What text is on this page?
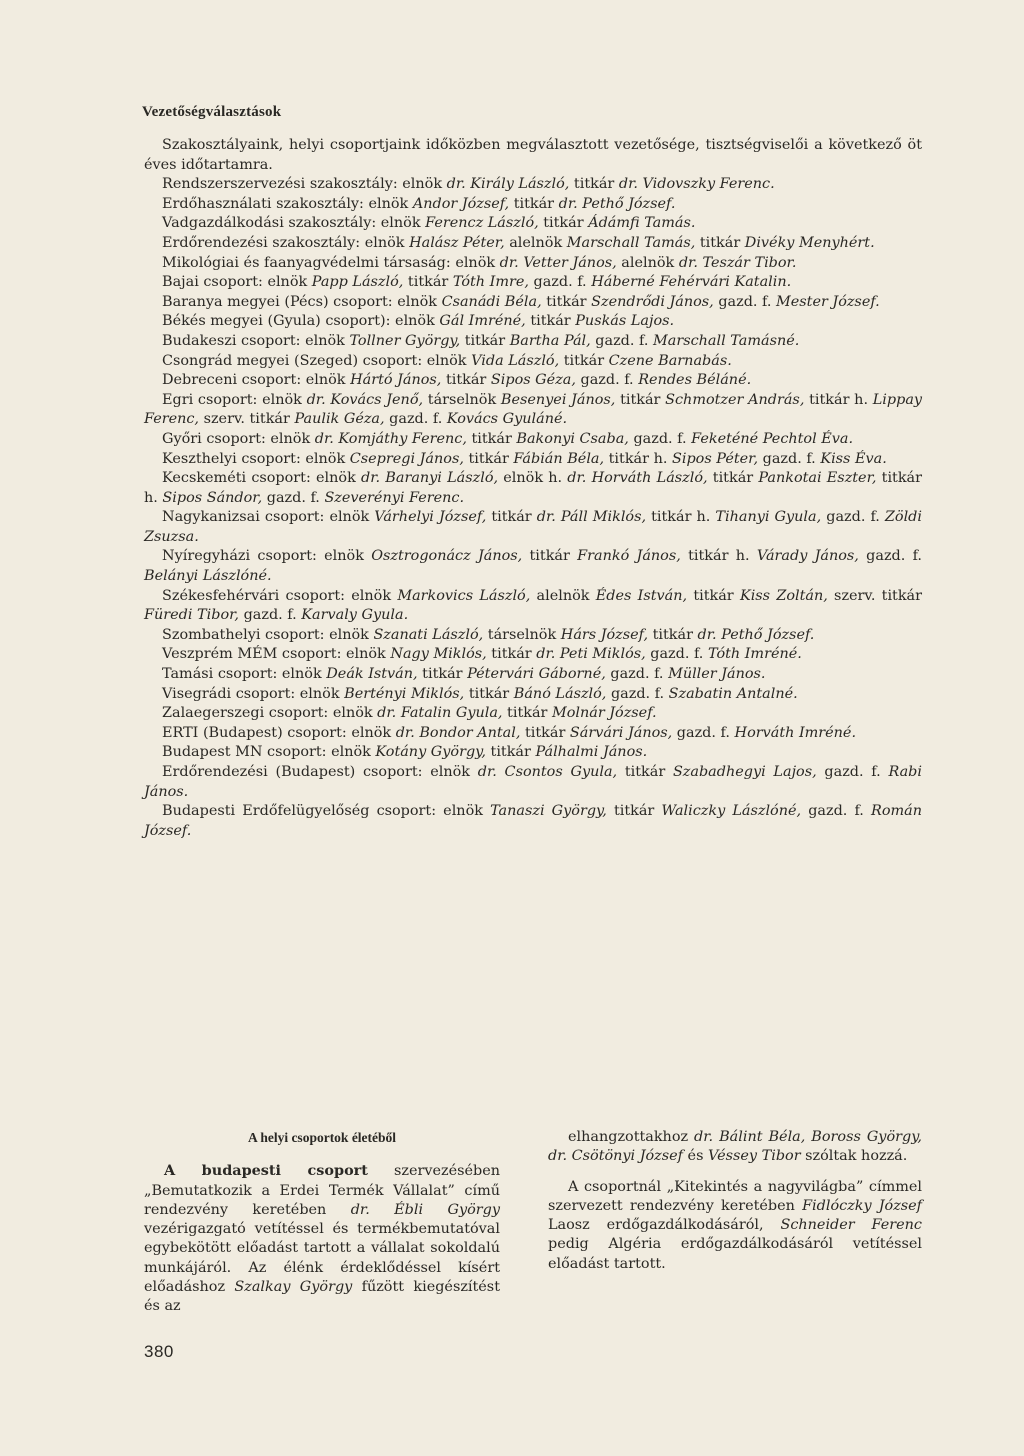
Vezetőségválasztások

Szakosztályaink, helyi csoportjaink időközben megválasztott vezetősége, tisztségviselői a következő öt éves időtartamra.

Rendszerszervezési szakosztály: elnök dr. Király László, titkár dr. Vidovszky Ferenc.

Erdőhasználati szakosztály: elnök Andor József, titkár dr. Pethő József.

Vadgazdálkodási szakosztály: elnök Ferencz László, titkár Ádámfi Tamás.

Erdőrendezési szakosztály: elnök Halász Péter, alelnök Marschall Tamás, titkár Divéky Menyhért.

Mikológiai és faanyagvédelmi társaság: elnök dr. Vetter János, alelnök dr. Teszár Tibor.

Bajai csoport: elnök Papp László, titkár Tóth Imre, gazd. f. Háberné Fehérvári Katalin.

Baranya megyei (Pécs) csoport: elnök Csanádi Béla, titkár Szendrődi János, gazd. f. Mester József.

Békés megyei (Gyula) csoport): elnök Gál Imréné, titkár Puskás Lajos.

Budakeszi csoport: elnök Tollner György, titkár Bartha Pál, gazd. f. Marschall Tamásné.

Csongrád megyei (Szeged) csoport: elnök Vida László, titkár Czene Barnabás.

Debreceni csoport: elnök Hártó János, titkár Sipos Géza, gazd. f. Rendes Béláné.

Egri csoport: elnök dr. Kovács Jenő, társelnök Besenyei János, titkár Schmotzer András, titkár h. Lippay Ferenc, szerv. titkár Paulik Géza, gazd. f. Kovács Gyuláné.

Győri csoport: elnök dr. Komjáthy Ferenc, titkár Bakonyi Csaba, gazd. f. Feketéné Pechtol Éva.

Keszthelyi csoport: elnök Csepregi János, titkár Fábián Béla, titkár h. Sipos Péter, gazd. f. Kiss Éva.

Kecskeméti csoport: elnök dr. Baranyi László, elnök h. dr. Horváth László, titkár Pankotai Eszter, titkár h. Sipos Sándor, gazd. f. Szeverényi Ferenc.

Nagykanizsai csoport: elnök Várhelyi József, titkár dr. Páll Miklós, titkár h. Tihanyi Gyula, gazd. f. Zöldi Zsuzsa.

Nyíregyházi csoport: elnök Osztrogonácz János, titkár Frankó János, titkár h. Várady János, gazd. f. Belányi Lászlóné.

Székesfehérvári csoport: elnök Markovics László, alelnök Édes István, titkár Kiss Zoltán, szerv. titkár Füredi Tibor, gazd. f. Karvaly Gyula.

Szombathelyi csoport: elnök Szanati László, társelnök Hárs József, titkár dr. Pethő József.

Veszprém MÉM csoport: elnök Nagy Miklós, titkár dr. Peti Miklós, gazd. f. Tóth Imréné.

Tamási csoport: elnök Deák István, titkár Pétervári Gáborné, gazd. f. Müller János.

Visegrádi csoport: elnök Bertényi Miklós, titkár Bánó László, gazd. f. Szabatin Antalné.

Zalaegerszegi csoport: elnök dr. Fatalin Gyula, titkár Molnár József.

ERTI (Budapest) csoport: elnök dr. Bondor Antal, titkár Sárvári János, gazd. f. Horváth Imréné.

Budapest MN csoport: elnök Kotány György, titkár Pálhalmi János.

Erdőrendezési (Budapest) csoport: elnök dr. Csontos Gyula, titkár Szabadhegyi Lajos, gazd. f. Rabi János.

Budapesti Erdőfelügyelőség csoport: elnök Tanaszi György, titkár Waliczky Lászlóné, gazd. f. Román József.

A helyi csoportok életéből

A budapesti csoport szervezésében „Bemutatkozik a Erdei Termék Vállalat” című rendezvény keretében dr. Ébli György vezérigazgató vetítéssel és termékbemutatóval egybekötött előadást tartott a vállalat sokoldalú munkájáról. Az élénk érdeklődéssel kísért előadáshoz Szalkay György fűzött kiegészítést és az

elhangzottakhoz dr. Bálint Béla, Boross György, dr. Csötönyi József és Véssey Tibor szóltak hozzá.

A csoportnál „Kitekintés a nagyvilágba” címmel szervezett rendezvény keretében Fidlóczky József Laosz erdőgazdálkodásáról, Schneider Ferenc pedig Algéria erdőgazdálkodásáról vetítéssel előadást tartott.

380
